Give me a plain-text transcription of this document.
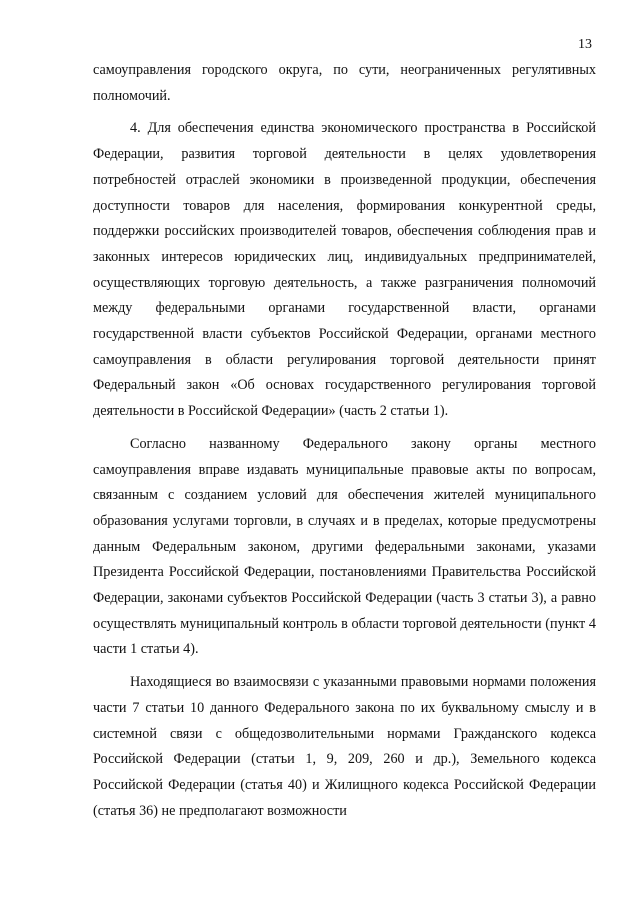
13

самоуправления городского округа, по сути, неограниченных регулятивных полномочий.

4. Для обеспечения единства экономического пространства в Российской Федерации, развития торговой деятельности в целях удовлетворения потребностей отраслей экономики в произведенной продукции, обеспечения доступности товаров для населения, формирования конкурентной среды, поддержки российских производителей товаров, обеспечения соблюдения прав и законных интересов юридических лиц, индивидуальных предпринимателей, осуществляющих торговую деятельность, а также разграничения полномочий между федеральными органами государственной власти, органами государственной власти субъектов Российской Федерации, органами местного самоуправления в области регулирования торговой деятельности принят Федеральный закон «Об основах государственного регулирования торговой деятельности в Российской Федерации» (часть 2 статьи 1).

Согласно названному Федерального закону органы местного самоуправления вправе издавать муниципальные правовые акты по вопросам, связанным с созданием условий для обеспечения жителей муниципального образования услугами торговли, в случаях и в пределах, которые предусмотрены данным Федеральным законом, другими федеральными законами, указами Президента Российской Федерации, постановлениями Правительства Российской Федерации, законами субъектов Российской Федерации (часть 3 статьи 3), а равно осуществлять муниципальный контроль в области торговой деятельности (пункт 4 части 1 статьи 4).

Находящиеся во взаимосвязи с указанными правовыми нормами положения части 7 статьи 10 данного Федерального закона по их буквальному смыслу и в системной связи с общедозволительными нормами Гражданского кодекса Российской Федерации (статьи 1, 9, 209, 260 и др.), Земельного кодекса Российской Федерации (статья 40) и Жилищного кодекса Российской Федерации (статья 36) не предполагают возможности
